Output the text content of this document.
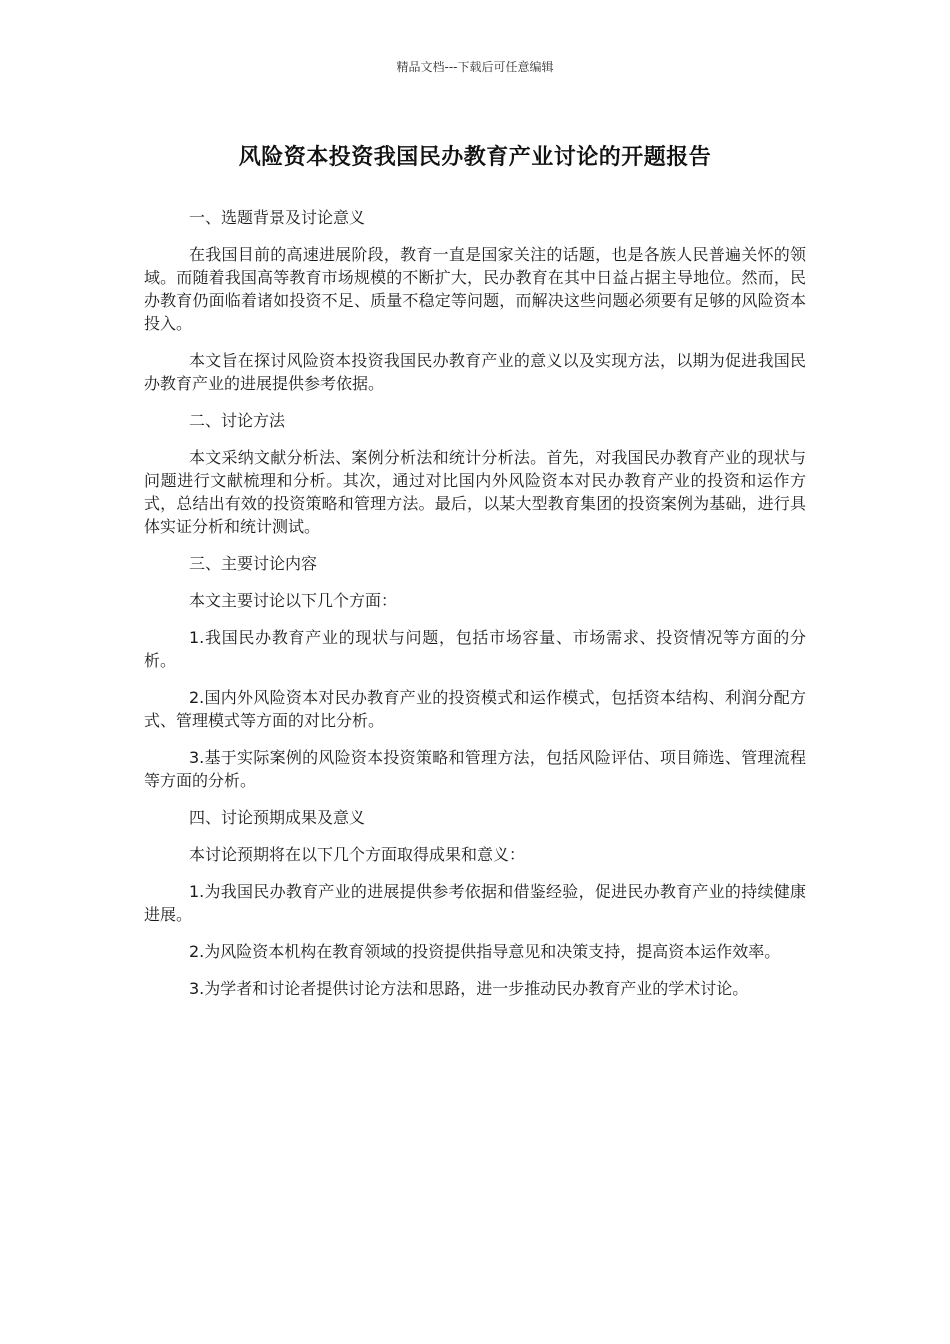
精品文档---下载后可任意编辑
风险资本投资我国民办教育产业讨论的开题报告

一、选题背景及讨论意义

在我国目前的高速进展阶段，教育一直是国家关注的话题，也是各族人民普遍关怀的领域。而随着我国高等教育市场规模的不断扩大，民办教育在其中日益占据主导地位。然而，民办教育仍面临着诸如投资不足、质量不稳定等问题，而解决这些问题必须要有足够的风险资本投入。

本文旨在探讨风险资本投资我国民办教育产业的意义以及实现方法，以期为促进我国民办教育产业的进展提供参考依据。

二、讨论方法

本文采纳文献分析法、案例分析法和统计分析法。首先，对我国民办教育产业的现状与问题进行文献梳理和分析。其次，通过对比国内外风险资本对民办教育产业的投资和运作方式，总结出有效的投资策略和管理方法。最后，以某大型教育集团的投资案例为基础，进行具体实证分析和统计测试。

三、主要讨论内容

本文主要讨论以下几个方面：

1.我国民办教育产业的现状与问题，包括市场容量、市场需求、投资情况等方面的分析。

2.国内外风险资本对民办教育产业的投资模式和运作模式，包括资本结构、利润分配方式、管理模式等方面的对比分析。

3.基于实际案例的风险资本投资策略和管理方法，包括风险评估、项目筛选、管理流程等方面的分析。

四、讨论预期成果及意义

本讨论预期将在以下几个方面取得成果和意义：

1.为我国民办教育产业的进展提供参考依据和借鉴经验，促进民办教育产业的持续健康进展。

2.为风险资本机构在教育领域的投资提供指导意见和决策支持，提高资本运作效率。

3.为学者和讨论者提供讨论方法和思路，进一步推动民办教育产业的学术讨论。
